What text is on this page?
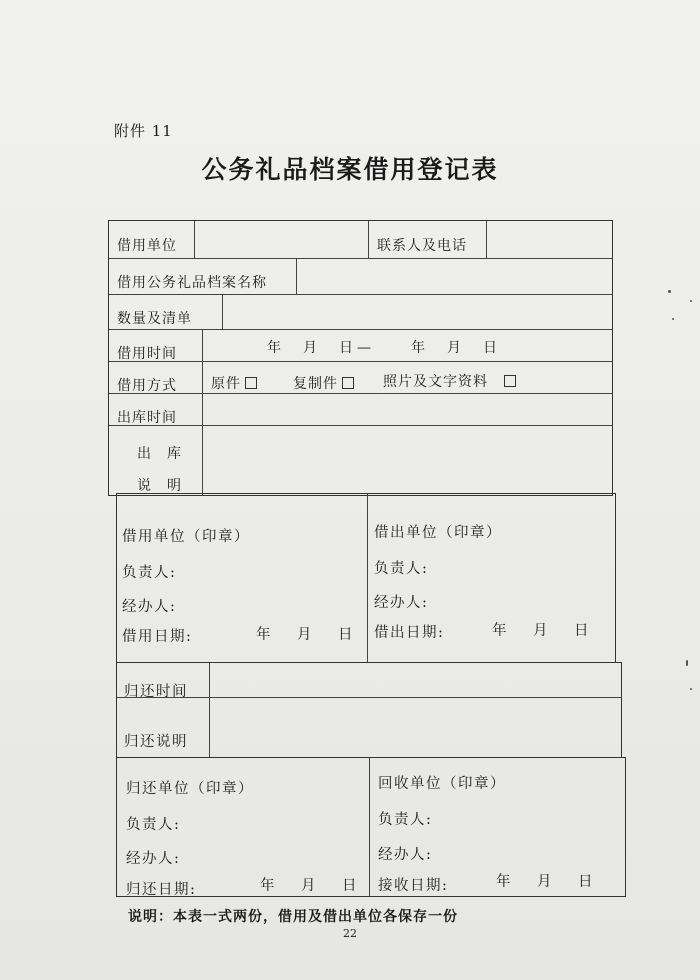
附件 11
公务礼品档案借用登记表
借用单位	联系人及电话
借用公务礼品档案名称
数量及清单
借用时间	年　月　日—　　年　月　日
借用方式 原件	复制件	照片及文字资料
出库时间
出　库
说　明
借用单位（印章）
负责人:
经办人:
借用日期:	年　月　日
借出单位（印章）
负责人:
经办人:
借出日期:	年　月　日
归还时间
归还说明
归还单位（印章）
负责人:
经办人:
归还日期:	年　月　日
回收单位（印章）
负责人:
经办人:
接收日期:	年　月　日
说明：本表一式两份，借用及借出单位各保存一份
22
